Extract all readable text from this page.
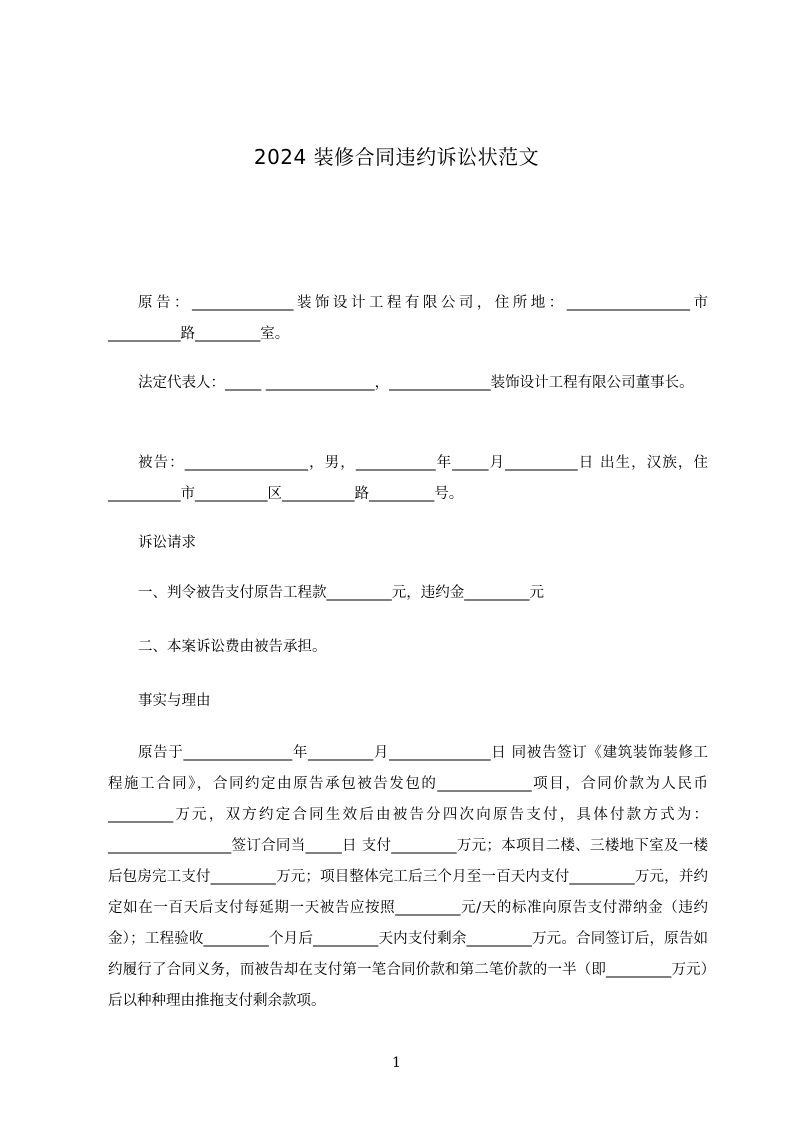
2024 装修合同违约诉讼状范文
原告：______________装饰设计工程有限公司，住所地：_________________市__________路_________室。
法定代表人：_____ _______________，______________装饰设计工程有限公司董事长。
被告：_________________，男，___________年_____月__________日 出生，汉族，住__________市__________区__________路_________号。
诉讼请求
一、判令被告支付原告工程款_________元，违约金_________元
二、本案诉讼费由被告承担。
事实与理由
原告于_______________年_________月______________日 同被告签订《建筑装饰装修工程施工合同》，合同约定由原告承包被告发包的_____________项目，合同价款为人民币_________万元，双方约定合同生效后由被告分四次向原告支付，具体付款方式为：_________________签订合同当_____日 支付_________万元；本项目二楼、三楼地下室及一楼后包房完工支付_________万元；项目整体完工后三个月至一百天内支付_________万元，并约定如在一百天后支付每延期一天被告应按照_________元/天的标准向原告支付滞纳金（违约金）；工程验收_________个月后_________天内支付剩余_________万元。合同签订后，原告如约履行了合同义务，而被告却在支付第一笔合同价款和第二笔价款的一半（即_________万元）后以种种理由推拖支付剩余款项。
1
